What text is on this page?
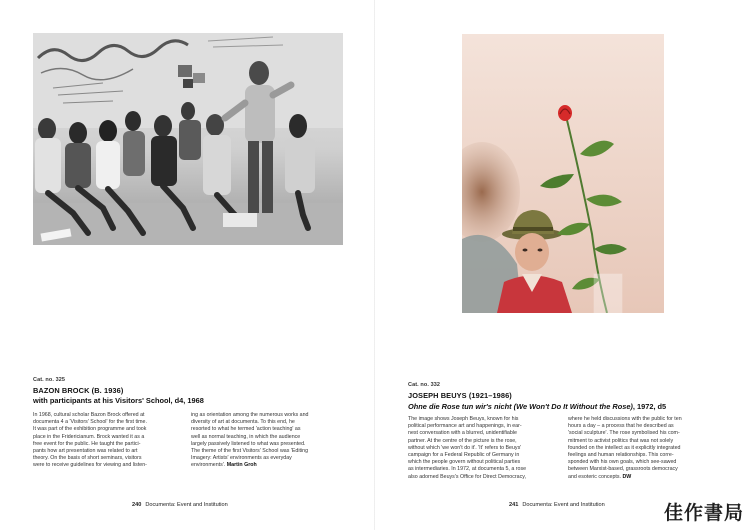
Cat. no. 325
BAZON BROCK (B. 1936)
with participants at his Visitors' School, d4, 1968
In 1968, cultural scholar Bazon Brock offered at
documenta 4 a 'Visitors' School' for the first time.
It was part of the exhibition programme and took
place in the Fridericianum. Brock wanted it as a
free event for the public. He taught the partici-
pants how art presentation was related to art
theory. On the basis of short seminars, visitors
were to receive guidelines for viewing and listen-
ing as orientation among the numerous works and
diversity of art at documenta. To this end, he
resorted to what he termed 'action teaching' as
well as normal teaching, in which the audience
largely passively listened to what was presented.
The theme of the first Visitors' School was 'Editing
Imagery: Artists' environments as everyday
environments'. Martin Groh
240 Documenta: Event and Institution
Cat. no. 332
JOSEPH BEUYS (1921–1986)
Ohne die Rose tun wir's nicht (We Won't Do It Without the Rose), 1972, d5
The image shows Joseph Beuys, known for his
political performance art and happenings, in ear-
nest conversation with a blurred, unidentifiable
partner. At the centre of the picture is the rose,
without which 'we won't do it'. 'It' refers to Beuys'
campaign for a Federal Republic of Germany in
which the people govern without political parties
as intermediaries. In 1972, at documenta 5, a rose
also adorned Beuys's Office for Direct Democracy,
where he held discussions with the public for ten
hours a day – a process that he described as
'social sculpture'. The rose symbolised his com-
mitment to activist politics that was not solely
founded on the intellect as it explicitly integrated
feelings and human relationships. This corre-
sponded with his own goals, which see-sawed
between Marxist-based, grassroots democracy
and esoteric concepts. DW
241 Documenta: Event and Institution	佳作書局
